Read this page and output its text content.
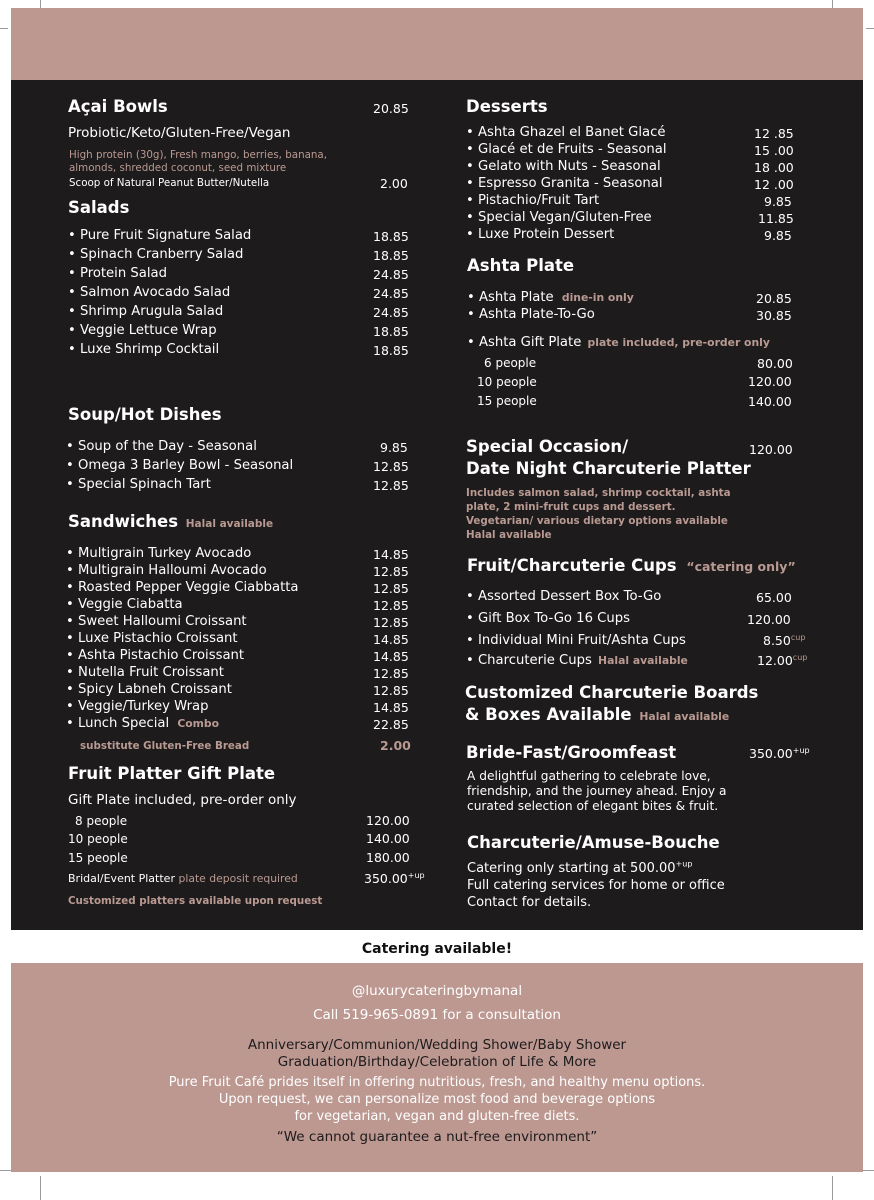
Açai Bowls	20.85
Probiotic/Keto/Gluten-Free/Vegan
High protein (30g), Fresh mango, berries, banana,
almonds, shredded coconut, seed mixture
Scoop of Natural Peanut Butter/Nutella	2.00
Salads
• Pure Fruit Signature Salad	18.85
• Spinach Cranberry Salad	18.85
• Protein Salad	24.85
• Salmon Avocado Salad	24.85
• Shrimp Arugula Salad	24.85
• Veggie Lettuce Wrap	18.85
• Luxe Shrimp Cocktail	18.85
Soup/Hot Dishes
• Soup of the Day - Seasonal	9.85
• Omega 3 Barley Bowl - Seasonal	12.85
• Special Spinach Tart	12.85
Sandwiches Halal available
• Multigrain Turkey Avocado	14.85
• Multigrain Halloumi Avocado	12.85
• Roasted Pepper Veggie Ciabbatta	12.85
• Veggie Ciabatta	12.85
• Sweet Halloumi Croissant	12.85
• Luxe Pistachio Croissant	14.85
• Ashta Pistachio Croissant	14.85
• Nutella Fruit Croissant	12.85
• Spicy Labneh Croissant	12.85
• Veggie/Turkey Wrap	14.85
• Lunch Special Combo	22.85
substitute Gluten-Free Bread	2.00
Fruit Platter Gift Plate
Gift Plate included, pre-order only
8 people	120.00
10 people	140.00
15 people	180.00
Bridal/Event Platter plate deposit required	$350.00^{+up}$
Customized platters available upon request
Desserts
• Ashta Ghazel el Banet Glacé	12 .85
• Glacé et de Fruits - Seasonal	15 .00
• Gelato with Nuts - Seasonal	18 .00
• Espresso Granita - Seasonal	12 .00
• Pistachio/Fruit Tart	9.85
• Special Vegan/Gluten-Free	11.85
• Luxe Protein Dessert	9.85
Ashta Plate
• Ashta Plate dine-in only	20.85
• Ashta Plate-To-Go	30.85
• Ashta Gift Plate plate included, pre-order only
6 people	80.00
10 people	120.00
15 people	140.00
Special Occasion/
Date Night Charcuterie Platter
120.00
Includes salmon salad, shrimp cocktail, ashta
plate, 2 mini-fruit cups and dessert.
Vegetarian/ various dietary options available
Halal available
Fruit/Charcuterie Cups “catering only”
• Assorted Dessert Box To-Go	65.00
• Gift Box To-Go 16 Cups	120.00
• Individual Mini Fruit/Ashta Cups	$8.50^{cup}$
• Charcuterie Cups Halal available	$12.00^{cup}$
Customized Charcuterie Boards
& Boxes Available Halal available
Bride-Fast/Groomfeast	$350.00^{+up}$
A delightful gathering to celebrate love,
friendship, and the journey ahead. Enjoy a
curated selection of elegant bites & fruit.
Charcuterie/Amuse-Bouche
Catering only starting at $500.00^{+up}$
Full catering services for home or office
Contact for details.
Catering available!
@luxurycateringbymanal
Call 519-965-0891 for a consultation
Anniversary/Communion/Wedding Shower/Baby Shower
Graduation/Birthday/Celebration of Life & More
Pure Fruit Café prides itself in offering nutritious, fresh, and healthy menu options.
Upon request, we can personalize most food and beverage options
for vegetarian, vegan and gluten-free diets.
“We cannot guarantee a nut-free environment”
